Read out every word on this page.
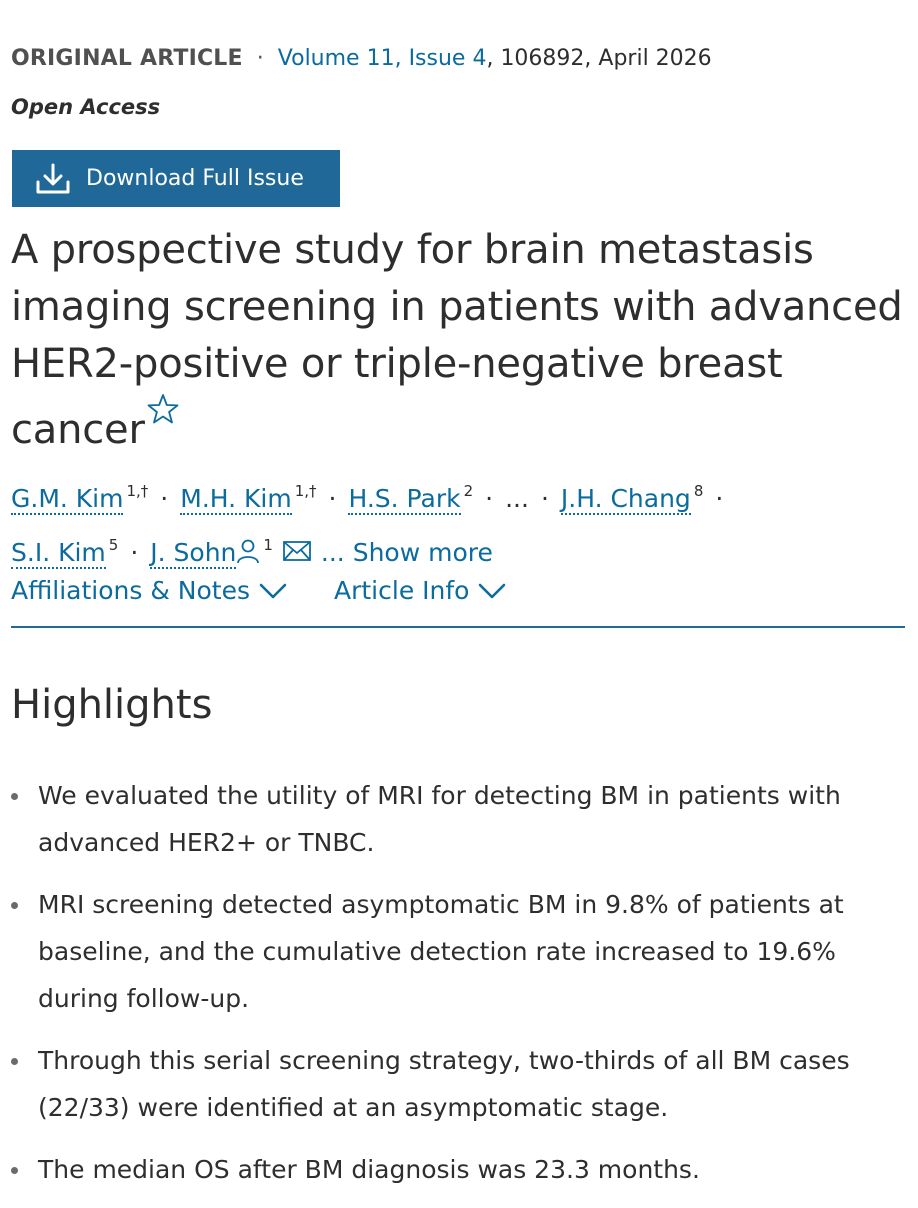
ORIGINAL ARTICLE · Volume 11, Issue 4, 106892, April 2026
Open Access
Download Full Issue
A prospective study for brain metastasis imaging screening in patients with advanced HER2-positive or triple-negative breast cancer
G.M. Kim $^{1,\dagger}$ · M.H. Kim $^{1,\dagger}$ · H.S. Park $^2$ · ... · J.H. Chang $^8$ ·
S.I. Kim $^5$ · J. Sohn $^1$ ... Show more
Affiliations & Notes	Article Info
Highlights
We evaluated the utility of MRI for detecting BM in patients with advanced HER2+ or TNBC.
MRI screening detected asymptomatic BM in 9.8% of patients at baseline, and the cumulative detection rate increased to 19.6% during follow-up.
Through this serial screening strategy, two-thirds of all BM cases (22/33) were identified at an asymptomatic stage.
The median OS after BM diagnosis was 23.3 months.
